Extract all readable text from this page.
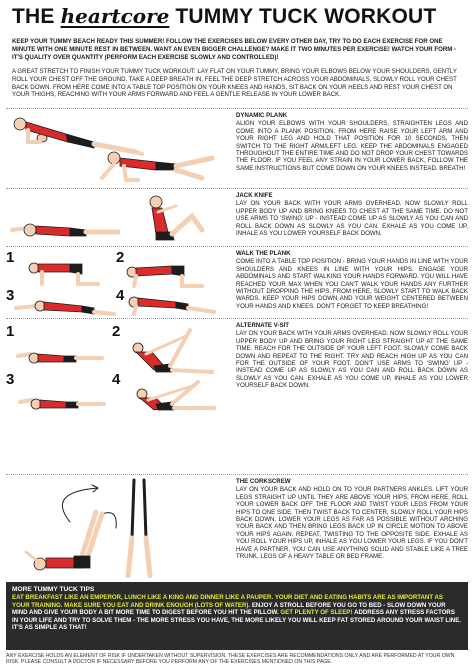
THE heartcore TUMMY TUCK WORKOUT

KEEP YOUR TUMMY BEACH READY THIS SUMMER! FOLLOW THE EXERCISES BELOW EVERY OTHER DAY, TRY TO DO EACH EXERCISE FOR ONE MINUTE WITH ONE MINUTE REST IN BETWEEN. WANT AN EVEN BIGGER CHALLENGE? MAKE IT TWO MINUTES PER EXERCISE! WATCH YOUR FORM - IT'S QUALITY OVER QUANTITY (PERFORM EACH EXERCISE SLOWLY AND CONTROLLED)!

A GREAT STRETCH TO FINISH YOUR TUMMY TUCK WORKOUT: LAY FLAT ON YOUR TUMMY, BRING YOUR ELBOWS BELOW YOUR SHOULDERS, GENTLY ROLL YOUR CHEST OFF THE GROUND. TAKE A DEEP BREATH IN, FEEL THE DEEP STRETCH ACROSS YOUR ABDOMINALS, SLOWLY ROLL YOUR CHEST BACK DOWN. FROM HERE COME INTO A TABLE TOP POSITION ON YOUR KNEES AND HANDS, SIT BACK ON YOUR HEELS AND REST YOUR CHEST ON YOUR THIGHS, REACHING WITH YOUR ARMS FORWARD AND FEEL A GENTLE RELEASE IN YOUR LOWER BACK.

DYNAMIC PLANK
ALIGN YOUR ELBOWS WITH YOUR SHOULDERS, STRAIGHTEN LEGS AND COME INTO A PLANK POSITION. FROM HERE RAISE YOUR LEFT ARM AND YOUR RIGHT LEG AND HOLD THAT POSITION FOR 10 SECONDS, THEN SWITCH TO THE RIGHT ARM/LEFT LEG. KEEP THE ABDOMINALS ENGAGED THROUGHOUT THE ENTIRE TIME AND DO NOT DROP YOUR CHEST TOWARDS THE FLOOR. IF YOU FEEL ANY STRAIN IN YOUR LOWER BACK, FOLLOW THE SAME INSTRUCTIONS BUT COME DOWN ON YOUR KNEES INSTEAD. BREATH!
JACK KNIFE
LAY ON YOUR BACK WITH YOUR ARMS OVERHEAD. NOW SLOWLY ROLL UPPER BODY UP AND BRING KNEES TO CHEST AT THE SAME TIME. DO NOT USE ARMS TO 'SWING' UP - INSTEAD COME UP AS SLOWLY AS YOU CAN AND ROLL BACK DOWN AS SLOWLY AS YOU CAN. EXHALE AS YOU COME UP, INHALE AS YOU LOWER YOURSELF BACK DOWN.
1	2
3	4
WALK THE PLANK
COME INTO A TABLE TOP POSITION - BRING YOUR HANDS IN LINE WITH YOUR SHOULDERS AND KNEES IN LINE WITH YOUR HIPS. ENGAGE YOUR ABDOMINALS AND START WALKING YOUR HANDS FORWARD. YOU WILL HAVE REACHED YOUR MAX WHEN YOU CAN'T WALK YOUR HANDS ANY FURTHER WITHOUT DROPPING THE HIPS. FROM HERE, SLOWLY START TO WALK BACK WARDS. KEEP YOUR HIPS DOWN AND YOUR WEIGHT CENTERED BETWEEN YOUR HANDS AND KNEES. DON'T FORGET TO KEEP BREATHING!
1	2
3	4
ALTERNATE V-SIT
LAY ON YOUR BACK WITH YOUR ARMS OVERHEAD. NOW SLOWLY ROLL YOUR UPPER BODY UP AND BRING YOUR RIGHT LEG STRAIGHT UP AT THE SAME TIME. REACH FOR THE OUTSIDE OF YOUR LEFT FOOT. SLOWLY COME BACK DOWN AND REPEAT TO THE RIGHT. TRY AND REACH HIGH UP AS YOU CAN FOR THE OUTSIDE OF YOUR FOOT. DON'T USE ARMS TO 'SWING' UP - INSTEAD COME UP AS SLOWLY AS YOU CAN AND ROLL BACK DOWN AS SLOWLY AS YOU CAN. EXHALE AS YOU COME UP, INHALE AS YOU LOWER YOURSELF BACK DOWN.
THE CORKSCREW
LAY ON YOUR BACK AND HOLD ON TO YOUR PARTNERS ANKLES. LIFT YOUR LEGS STRAIGHT UP UNTIL THEY ARE ABOVE YOUR HIPS. FROM HERE, ROLL YOUR LOWER BACK OFF THE FLOOR AND TWIST YOUR LEGS FROM YOUR HIPS TO ONE SIDE. THEN TWIST BACK TO CENTER, SLOWLY ROLL YOUR HIPS BACK DOWN, LOWER YOUR LEGS AS FAR AS POSSIBLE WITHOUT ARCHING YOUR BACK AND THEN BRING LEGS BACK UP IN CIRCLE MOTION TO ABOVE YOUR HIPS AGAIN. REPEAT, TWISTING TO THE OPPOSITE SIDE. EXHALE AS YOU ROLL YOUR HIPS UP, INHALE AS YOU LOWER YOUR LEGS. IF YOU DON'T HAVE A PARTNER, YOU CAN USE ANYTHING SOLID AND STABLE LIKE A TREE TRUNK, LEGS OF A HEAVY TABLE OR BED FRAME.
MORE TUMMY TUCK TIPS
EAT BREAKFAST LIKE AN EMPEROR, LUNCH LIKE A KING AND DINNER LIKE A PAUPER. YOUR DIET AND EATING HABITS ARE AS IMPORTANT AS YOUR TRAINING. MAKE SURE YOU EAT AND DRINK ENOUGH (LOTS OF WATER). ENJOY A STROLL BEFORE YOU GO TO BED - SLOW DOWN YOUR MIND AND GIVE YOUR BODY A BIT MORE TIME TO DIGEST BEFORE YOU HIT THE PILLOW. GET PLENTY OF SLEEP! ADDRESS ANY STRESS FACTORS IN YOUR LIFE AND TRY TO SOLVE THEM - THE MORE STRESS YOU HAVE, THE MORE LIKELY YOU WILL KEEP FAT STORED AROUND YOUR WAIST LINE. IT'S AS SIMPLE AS THAT!

ANY EXERCISE HOLDS AN ELEMENT OF RISK IF UNDERTAKEN WITHOUT SUPERVISION. THESE EXERCISES ARE RECOMMENDATIONS ONLY AND ARE PERFORMED AT YOUR OWN RISK. PLEASE CONSULT A DOCTOR IF NECESSARY BEFORE YOU PERFORM ANY OF THE EXERCISES MENTIONED ON THIS PAGE.
